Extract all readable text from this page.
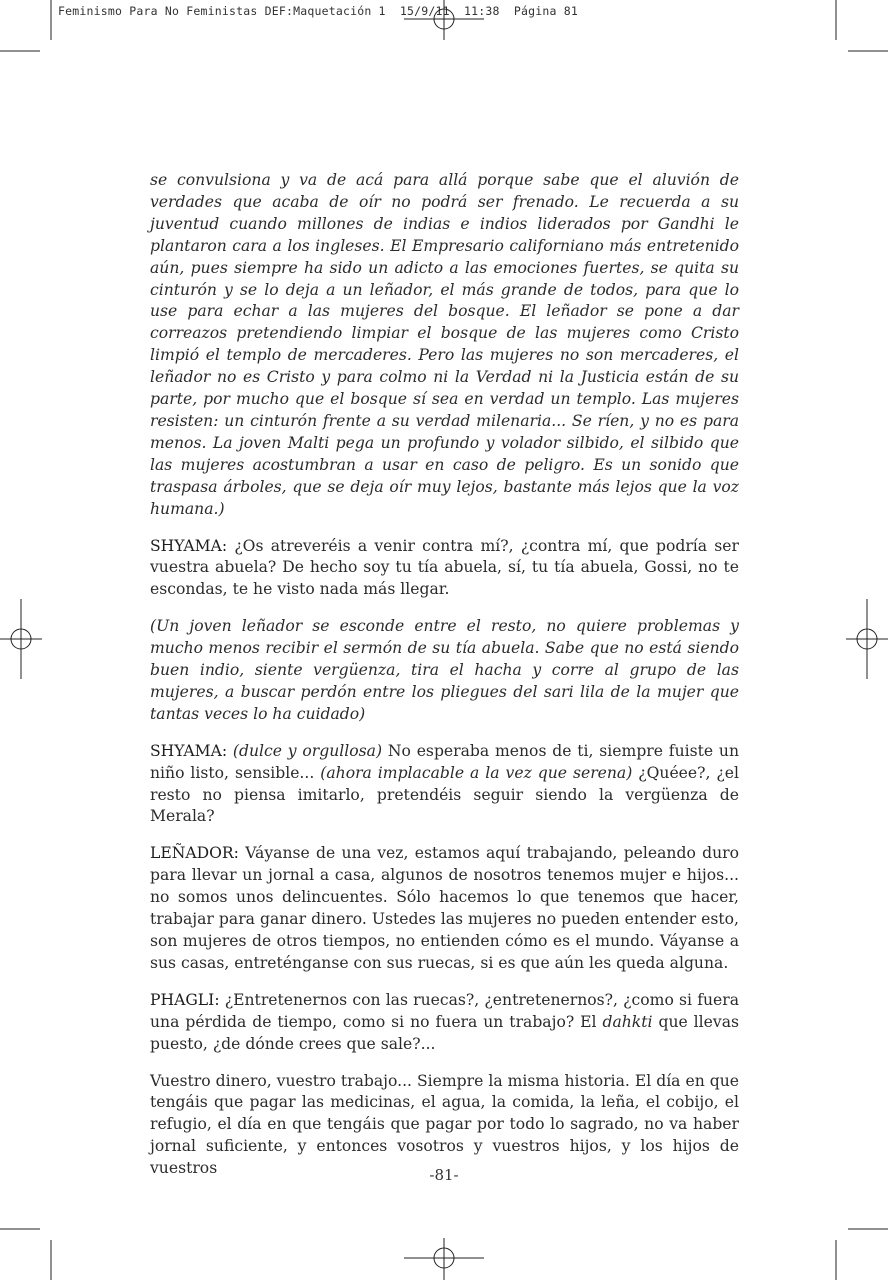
Feminismo Para No Feministas DEF:Maquetación 1  15/9/11  11:38  Página 81

se convulsiona y va de acá para allá porque sabe que el aluvión de verdades que acaba de oír no podrá ser frenado. Le recuerda a su juventud cuando millones de indias e indios liderados por Gandhi le plantaron cara a los ingleses. El Empresario californiano más entretenido aún, pues siempre ha sido un adicto a las emociones fuertes, se quita su cinturón y se lo deja a un leñador, el más grande de todos, para que lo use para echar a las mujeres del bosque. El leñador se pone a dar correazos pretendiendo limpiar el bosque de las mujeres como Cristo limpió el templo de mercaderes. Pero las mujeres no son mercaderes, el leñador no es Cristo y para colmo ni la Verdad ni la Justicia están de su parte, por mucho que el bosque sí sea en verdad un templo. Las mujeres resisten: un cinturón frente a su verdad milenaria... Se ríen, y no es para menos. La joven Malti pega un profundo y volador silbido, el silbido que las mujeres acostumbran a usar en caso de peligro. Es un sonido que traspasa árboles, que se deja oír muy lejos, bastante más lejos que la voz humana.)

SHYAMA: ¿Os atreveréis a venir contra mí?, ¿contra mí, que podría ser vuestra abuela? De hecho soy tu tía abuela, sí, tu tía abuela, Gossi, no te escondas, te he visto nada más llegar.

(Un joven leñador se esconde entre el resto, no quiere problemas y mucho menos recibir el sermón de su tía abuela. Sabe que no está siendo buen indio, siente vergüenza, tira el hacha y corre al grupo de las mujeres, a buscar perdón entre los pliegues del sari lila de la mujer que tantas veces lo ha cuidado)

SHYAMA: (dulce y orgullosa) No esperaba menos de ti, siempre fuiste un niño listo, sensible... (ahora implacable a la vez que serena) ¿Quéee?, ¿el resto no piensa imitarlo, pretendéis seguir siendo la vergüenza de Merala?

LEÑADOR: Váyanse de una vez, estamos aquí trabajando, peleando duro para llevar un jornal a casa, algunos de nosotros tenemos mujer e hijos... no somos unos delincuentes. Sólo hacemos lo que tenemos que hacer, trabajar para ganar dinero. Ustedes las mujeres no pueden entender esto, son mujeres de otros tiempos, no entienden cómo es el mundo. Váyanse a sus casas, entreténganse con sus ruecas, si es que aún les queda alguna.

PHAGLI: ¿Entretenernos con las ruecas?, ¿entretenernos?, ¿como si fuera una pérdida de tiempo, como si no fuera un trabajo? El dahkti que llevas puesto, ¿de dónde crees que sale?...

Vuestro dinero, vuestro trabajo... Siempre la misma historia. El día en que tengáis que pagar las medicinas, el agua, la comida, la leña, el cobijo, el refugio, el día en que tengáis que pagar por todo lo sagrado, no va haber jornal suficiente, y entonces vosotros y vuestros hijos, y los hijos de vuestros	-81-
